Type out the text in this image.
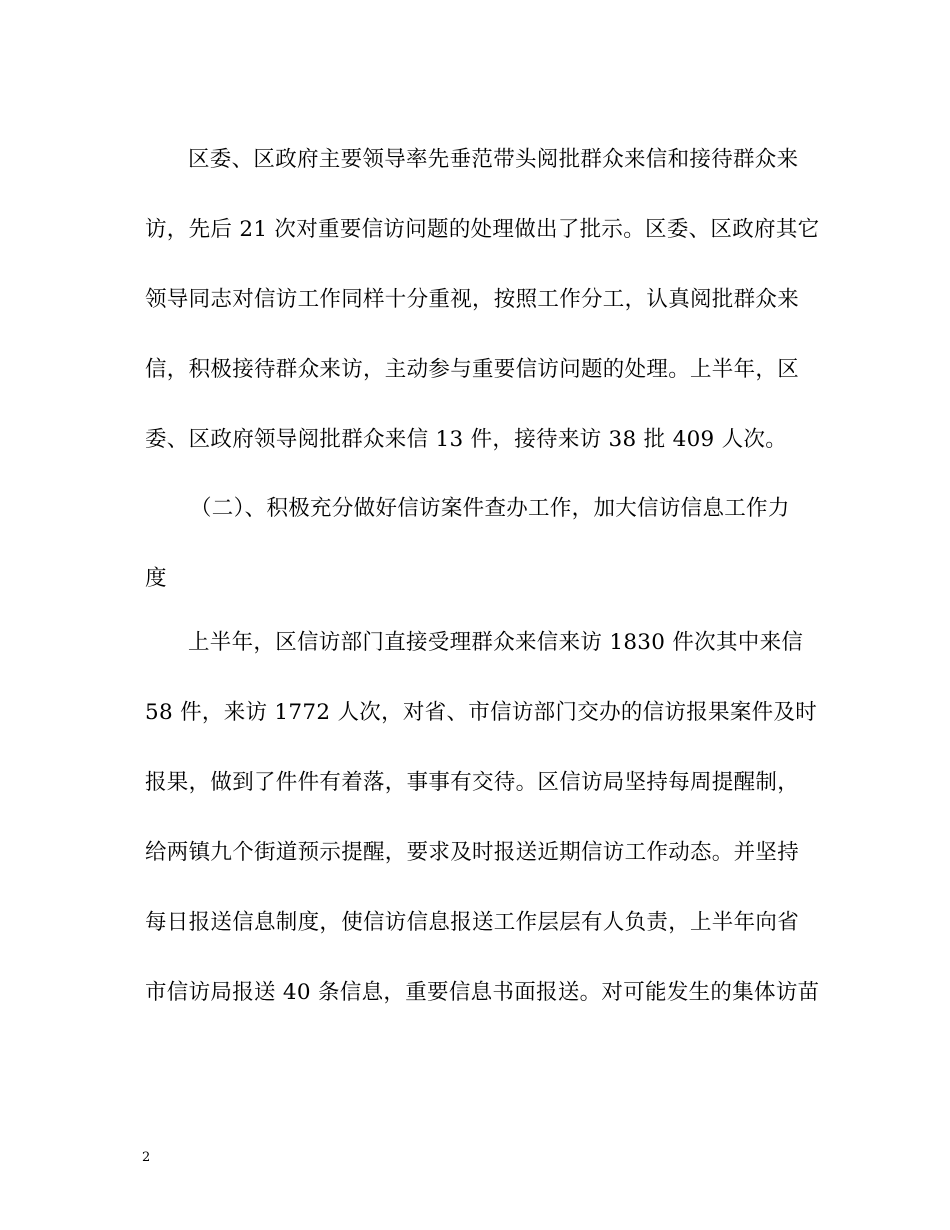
区委、区政府主要领导率先垂范带头阅批群众来信和接待群众来
访，先后 21 次对重要信访问题的处理做出了批示。区委、区政府其它
领导同志对信访工作同样十分重视，按照工作分工，认真阅批群众来
信，积极接待群众来访，主动参与重要信访问题的处理。上半年，区
委、区政府领导阅批群众来信 13 件，接待来访 38 批 409 人次。
（二）、积极充分做好信访案件查办工作，加大信访信息工作力
度
上半年，区信访部门直接受理群众来信来访 1830 件次其中来信
58 件，来访 1772 人次，对省、市信访部门交办的信访报果案件及时
报果，做到了件件有着落，事事有交待。区信访局坚持每周提醒制，
给两镇九个街道预示提醒，要求及时报送近期信访工作动态。并坚持
每日报送信息制度，使信访信息报送工作层层有人负责，上半年向省
市信访局报送 40 条信息，重要信息书面报送。对可能发生的集体访苗
2
